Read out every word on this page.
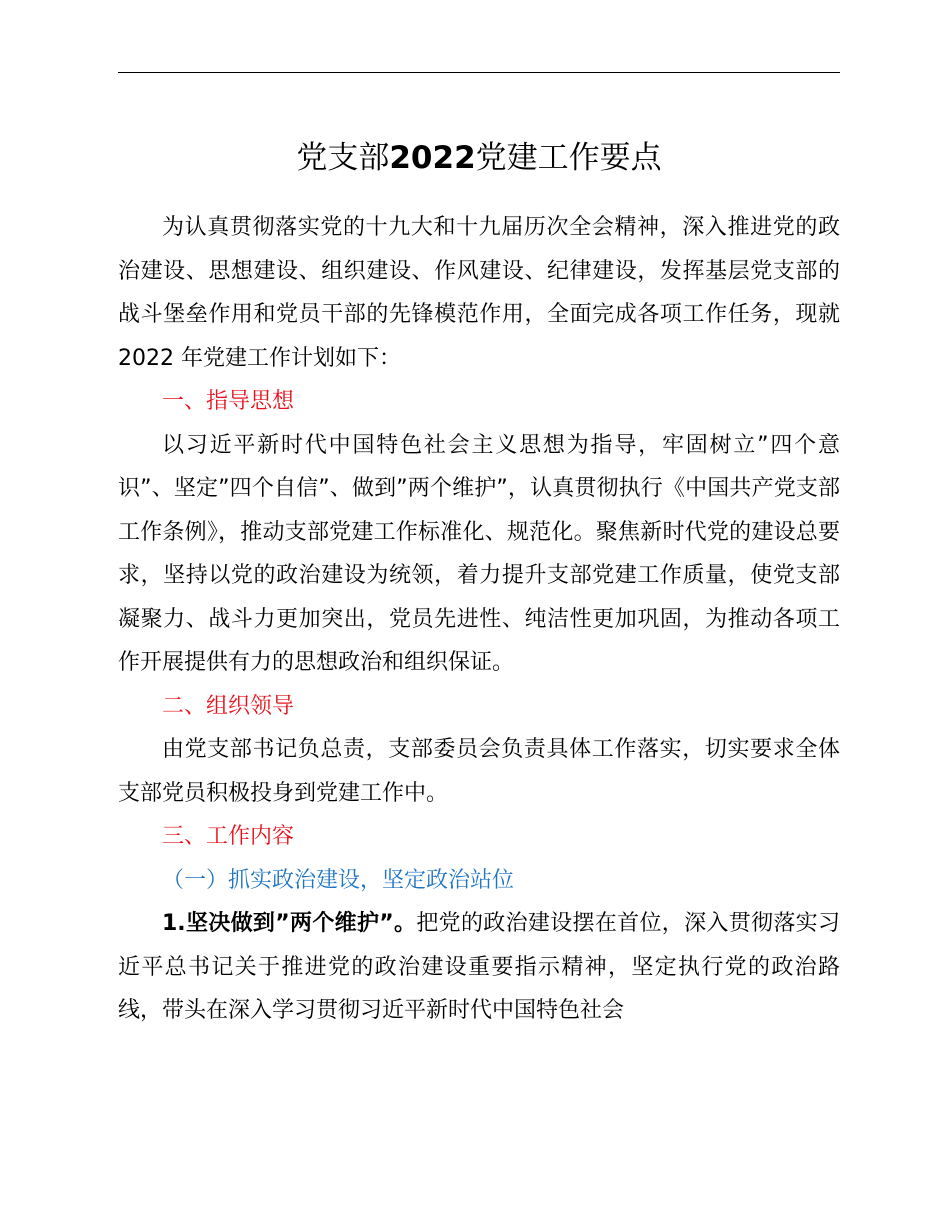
党支部2022党建工作要点

为认真贯彻落实党的十九大和十九届历次全会精神，深入推进党的政治建设、思想建设、组织建设、作风建设、纪律建设，发挥基层党支部的战斗堡垒作用和党员干部的先锋模范作用，全面完成各项工作任务，现就 2022 年党建工作计划如下：

一、指导思想

以习近平新时代中国特色社会主义思想为指导，牢固树立”四个意识”、坚定”四个自信”、做到”两个维护”，认真贯彻执行《中国共产党支部工作条例》，推动支部党建工作标准化、规范化。聚焦新时代党的建设总要求，坚持以党的政治建设为统领，着力提升支部党建工作质量，使党支部凝聚力、战斗力更加突出，党员先进性、纯洁性更加巩固，为推动各项工作开展提供有力的思想政治和组织保证。

二、组织领导

由党支部书记负总责，支部委员会负责具体工作落实，切实要求全体支部党员积极投身到党建工作中。

三、工作内容

（一）抓实政治建设，坚定政治站位

1.坚决做到”两个维护”。把党的政治建设摆在首位，深入贯彻落实习近平总书记关于推进党的政治建设重要指示精神，坚定执行党的政治路线，带头在深入学习贯彻习近平新时代中国特色社会
